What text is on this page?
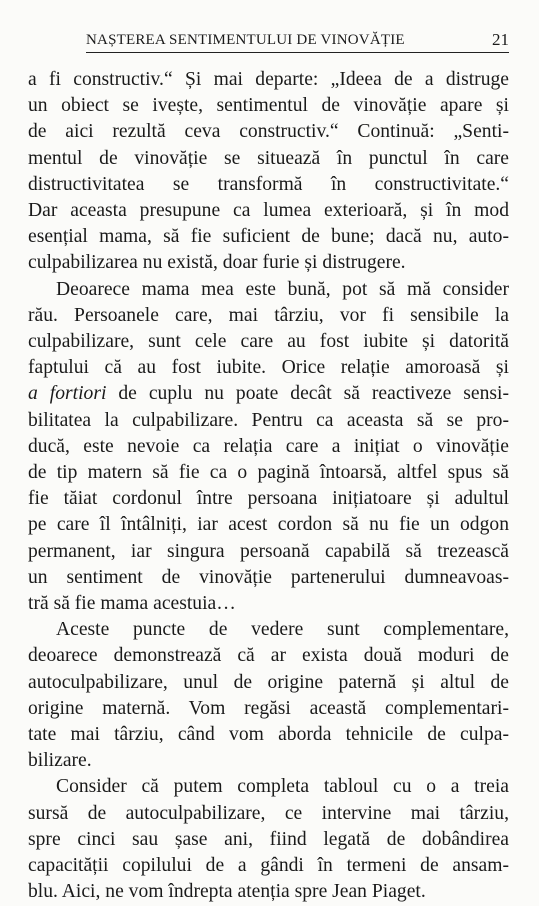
NAȘTEREA SENTIMENTULUI DE VINOVĂȚIE	21
a fi constructiv.“ Și mai departe: „Ideea de a distruge
un obiect se ivește, sentimentul de vinovăție apare și
de aici rezultă ceva constructiv.“ Continuă: „Senti-
mentul de vinovăție se situează în punctul în care
distructivitatea se transformă în constructivitate.“
Dar aceasta presupune ca lumea exterioară, și în mod
esențial mama, să fie suficient de bune; dacă nu, auto-
culpabilizarea nu există, doar furie și distrugere.
Deoarece mama mea este bună, pot să mă consider
rău. Persoanele care, mai târziu, vor fi sensibile la
culpabilizare, sunt cele care au fost iubite și datorită
faptului că au fost iubite. Orice relație amoroasă și
a fortiori de cuplu nu poate decât să reactiveze sensi-
bilitatea la culpabilizare. Pentru ca aceasta să se pro-
ducă, este nevoie ca relația care a inițiat o vinovăție
de tip matern să fie ca o pagină întoarsă, altfel spus să
fie tăiat cordonul între persoana inițiatoare și adultul
pe care îl întâlniți, iar acest cordon să nu fie un odgon
permanent, iar singura persoană capabilă să trezească
un sentiment de vinovăție partenerului dumneavoas-
tră să fie mama acestuia…
Aceste puncte de vedere sunt complementare,
deoarece demonstrează că ar exista două moduri de
autoculpabilizare, unul de origine paternă și altul de
origine maternă. Vom regăsi această complementari-
tate mai târziu, când vom aborda tehnicile de culpa-
bilizare.
Consider că putem completa tabloul cu o a treia
sursă de autoculpabilizare, ce intervine mai târziu,
spre cinci sau șase ani, fiind legată de dobândirea
capacității copilului de a gândi în termeni de ansam-
blu. Aici, ne vom îndrepta atenția spre Jean Piaget.
